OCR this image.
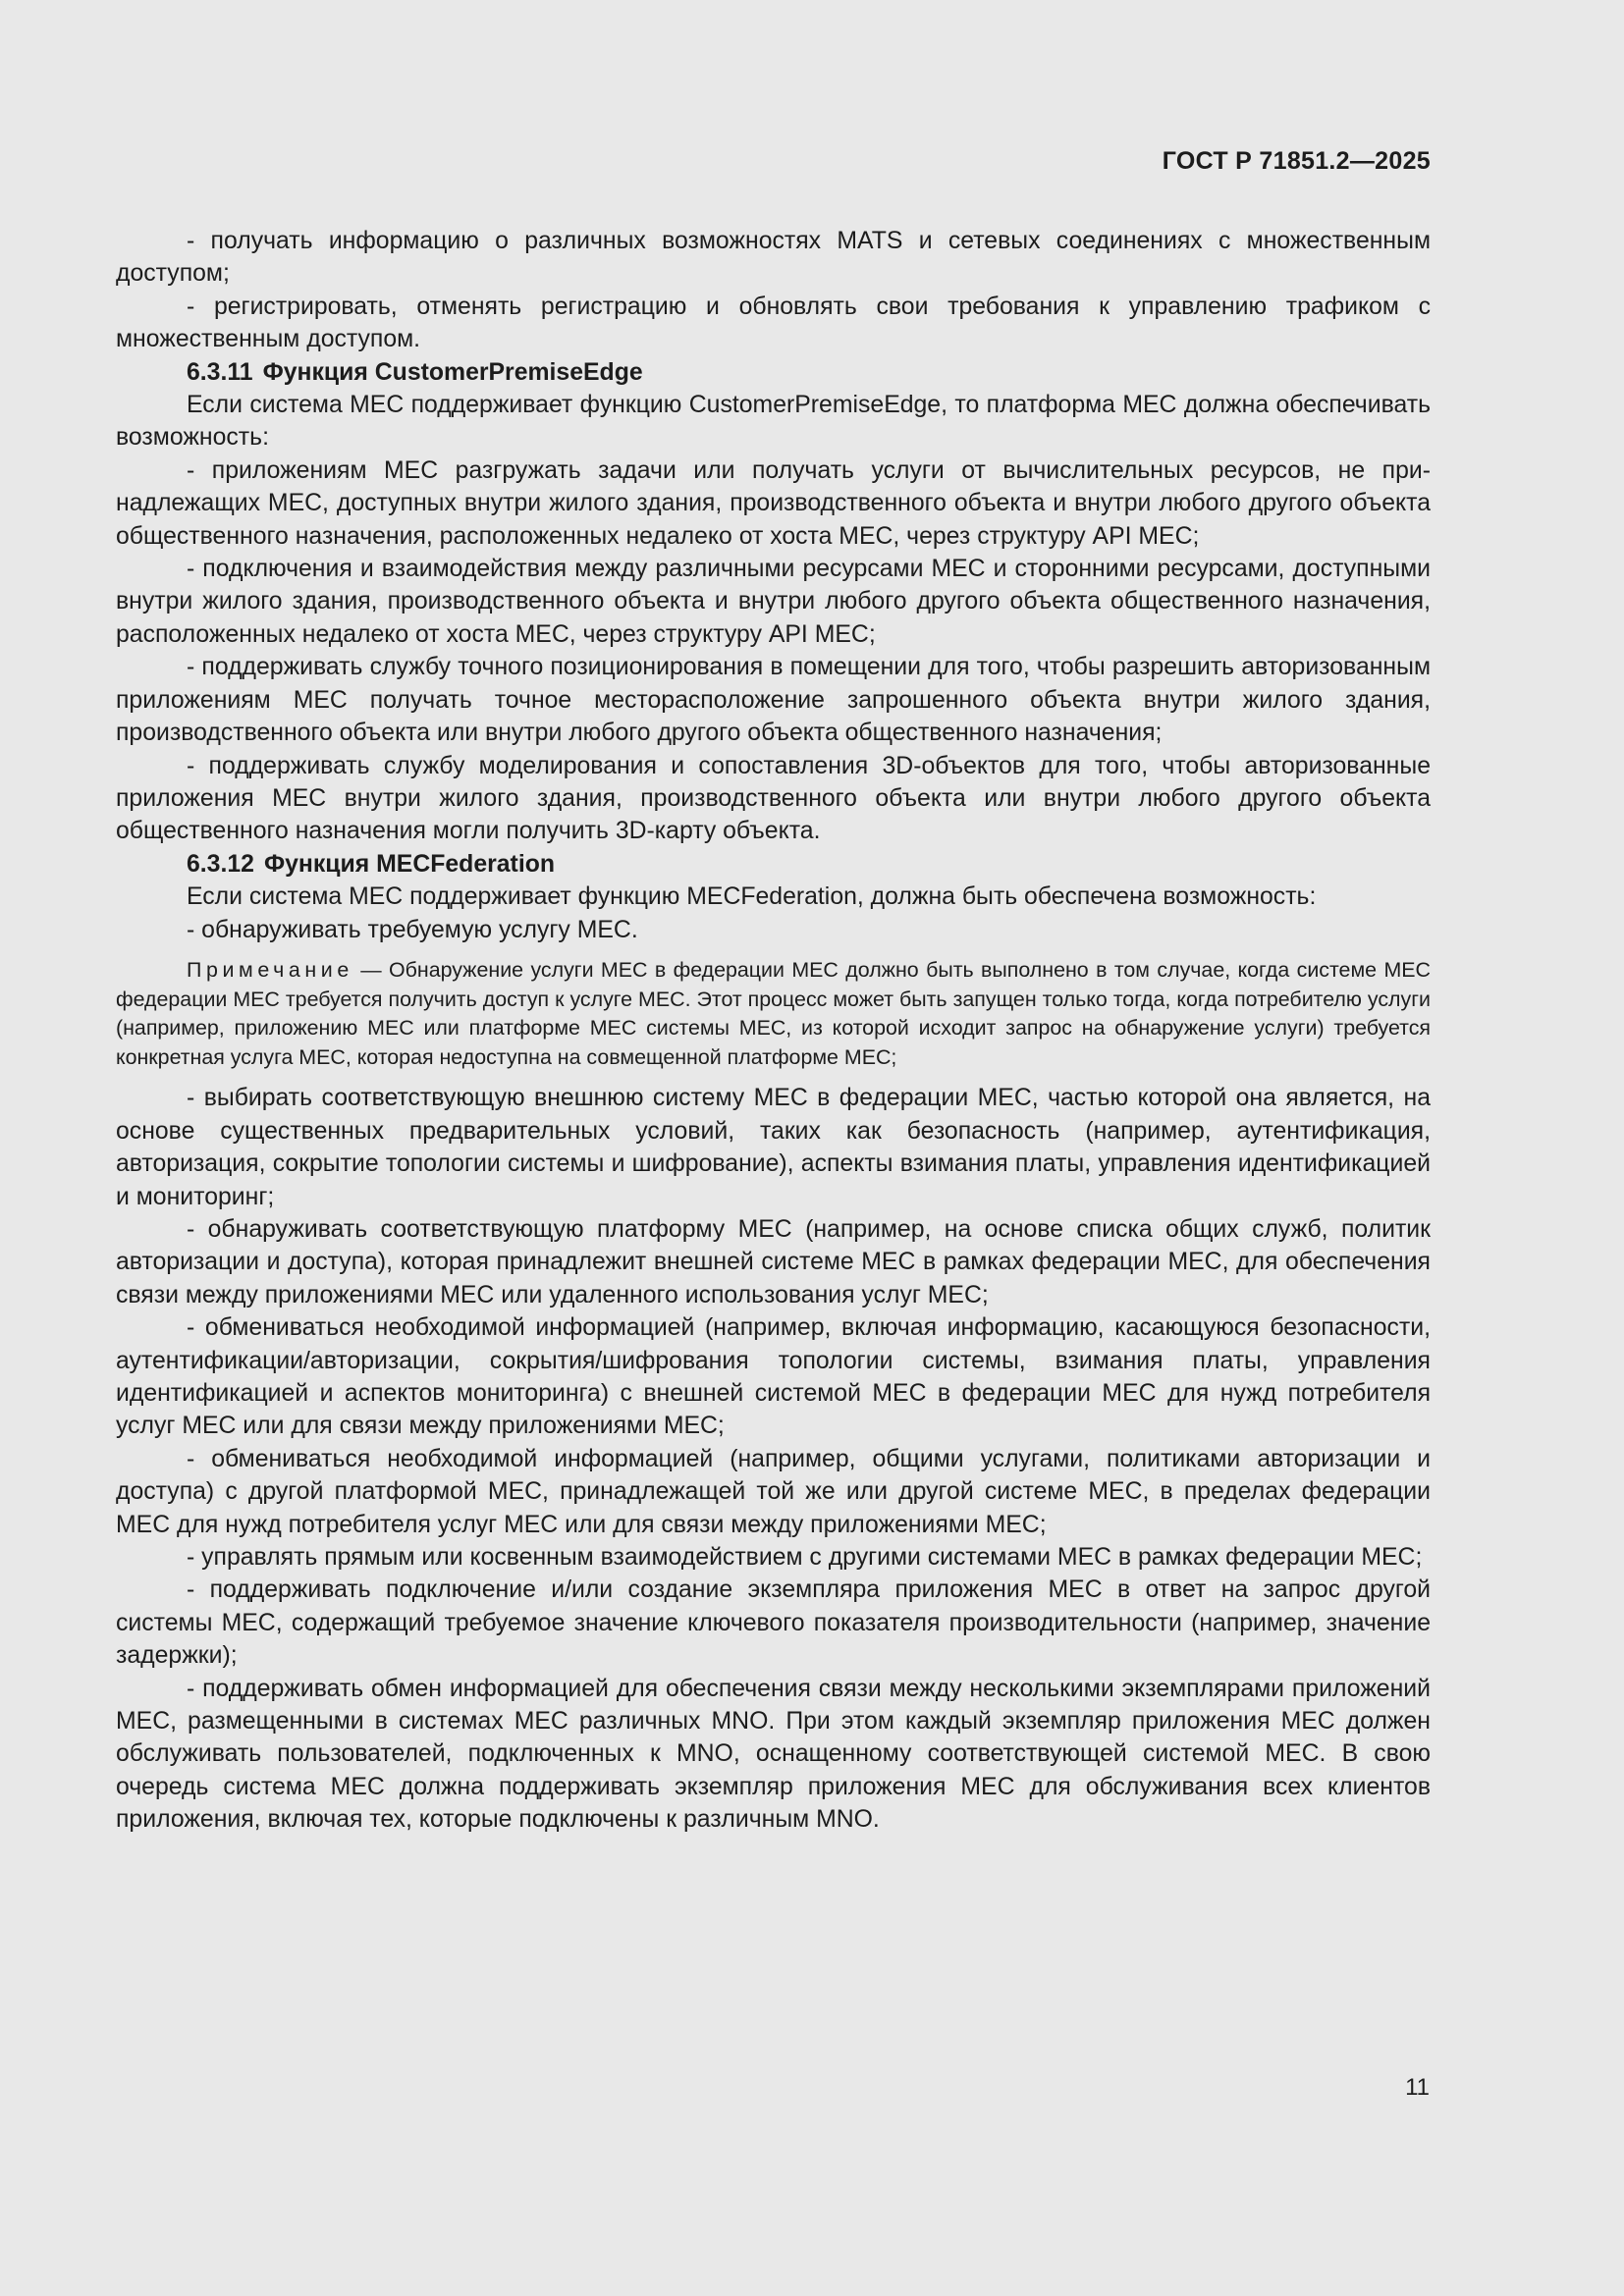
ГОСТ Р 71851.2—2025

- получать информацию о различных возможностях MATS и сетевых соединениях с множественным доступом;

- регистрировать, отменять регистрацию и обновлять свои требования к управлению трафиком с множественным доступом.

6.3.11 Функция CustomerPremiseEdge

Если система МЕС поддерживает функцию CustomerPremiseEdge, то платформа МЕС должна обеспечивать возможность:

- приложениям МЕС разгружать задачи или получать услуги от вычислительных ресурсов, не принадлежащих МЕС, доступных внутри жилого здания, производственного объекта и внутри любого другого объекта общественного назначения, расположенных недалеко от хоста МЕС, через структуру API МЕС;

- подключения и взаимодействия между различными ресурсами МЕС и сторонними ресурсами, доступными внутри жилого здания, производственного объекта и внутри любого другого объекта общественного назначения, расположенных недалеко от хоста МЕС, через структуру API МЕС;

- поддерживать службу точного позиционирования в помещении для того, чтобы разрешить авторизованным приложениям МЕС получать точное месторасположение запрошенного объекта внутри жилого здания, производственного объекта или внутри любого другого объекта общественного назначения;

- поддерживать службу моделирования и сопоставления 3D-объектов для того, чтобы авторизованные приложения МЕС внутри жилого здания, производственного объекта или внутри любого другого объекта общественного назначения могли получить 3D-карту объекта.

6.3.12 Функция MECFederation

Если система МЕС поддерживает функцию MECFederation, должна быть обеспечена возможность:

- обнаруживать требуемую услугу МЕС.

Примечание — Обнаружение услуги МЕС в федерации МЕС должно быть выполнено в том случае, когда системе МЕС федерации МЕС требуется получить доступ к услуге МЕС. Этот процесс может быть запущен только тогда, когда потребителю услуги (например, приложению МЕС или платформе МЕС системы МЕС, из которой исходит запрос на обнаружение услуги) требуется конкретная услуга МЕС, которая недоступна на совмещенной платформе МЕС;

- выбирать соответствующую внешнюю систему МЕС в федерации МЕС, частью которой она является, на основе существенных предварительных условий, таких как безопасность (например, аутентификация, авторизация, сокрытие топологии системы и шифрование), аспекты взимания платы, управления идентификацией и мониторинг;

- обнаруживать соответствующую платформу МЕС (например, на основе списка общих служб, политик авторизации и доступа), которая принадлежит внешней системе МЕС в рамках федерации МЕС, для обеспечения связи между приложениями МЕС или удаленного использования услуг МЕС;

- обмениваться необходимой информацией (например, включая информацию, касающуюся безопасности, аутентификации/авторизации, сокрытия/шифрования топологии системы, взимания платы, управления идентификацией и аспектов мониторинга) с внешней системой МЕС в федерации МЕС для нужд потребителя услуг МЕС или для связи между приложениями МЕС;

- обмениваться необходимой информацией (например, общими услугами, политиками авторизации и доступа) с другой платформой МЕС, принадлежащей той же или другой системе МЕС, в пределах федерации МЕС для нужд потребителя услуг МЕС или для связи между приложениями МЕС;

- управлять прямым или косвенным взаимодействием с другими системами МЕС в рамках федерации МЕС;

- поддерживать подключение и/или создание экземпляра приложения МЕС в ответ на запрос другой системы МЕС, содержащий требуемое значение ключевого показателя производительности (например, значение задержки);

- поддерживать обмен информацией для обеспечения связи между несколькими экземплярами приложений МЕС, размещенными в системах МЕС различных MNO. При этом каждый экземпляр приложения МЕС должен обслуживать пользователей, подключенных к MNO, оснащенному соответствующей системой МЕС. В свою очередь система МЕС должна поддерживать экземпляр приложения МЕС для обслуживания всех клиентов приложения, включая тех, которые подключены к различным MNO.

11
